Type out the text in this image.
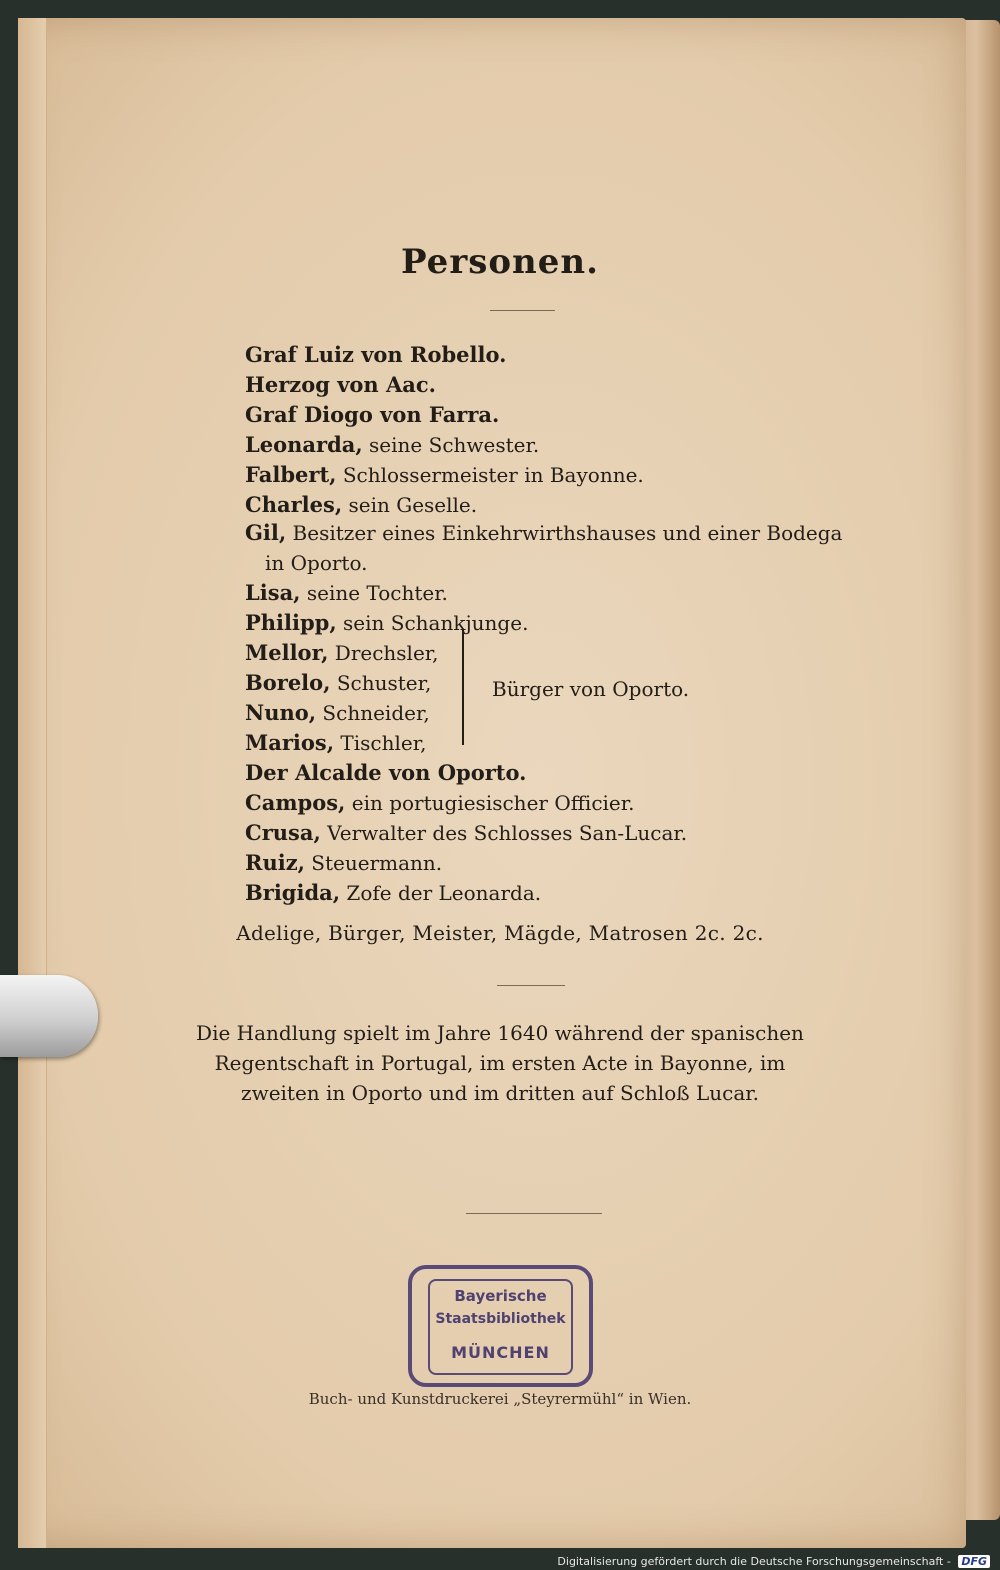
Personen.
Graf Luiz von Robello.
Herzog von Aac.
Graf Diogo von Farra.
Leonarda, seine Schwester.
Falbert, Schlossermeister in Bayonne.
Charles, sein Geselle.
Gil, Besitzer eines Einkehrwirthshauses und einer Bodega
in Oporto.
Lisa, seine Tochter.
Philipp, sein Schankjunge.
Mellor, Drechsler,
Borelo, Schuster,
Nuno, Schneider,
Marios, Tischler,
Der Alcalde von Oporto.
Campos, ein portugiesischer Officier.
Crusa, Verwalter des Schlosses San-Lucar.
Ruiz, Steuermann.
Brigida, Zofe der Leonarda.
Bürger von Oporto.
Adelige, Bürger, Meister, Mägde, Matrosen 2c. 2c.
Die Handlung spielt im Jahre 1640 während der spanischen
Regentschaft in Portugal, im ersten Acte in Bayonne, im
zweiten in Oporto und im dritten auf Schloß Lucar.
Bayerische
Staatsbibliothek
MÜNCHEN
Buch- und Kunstdruckerei „Steyrermühl“ in Wien.
Digitalisierung gefördert durch die Deutsche Forschungsgemeinschaft - DFG
